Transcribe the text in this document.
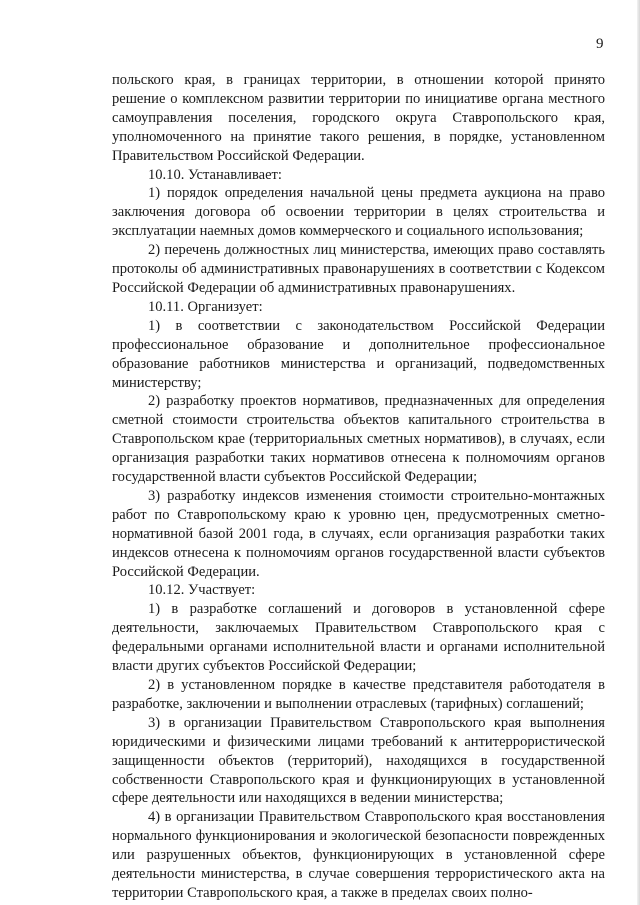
9

польского края, в границах территории, в отношении которой принято решение о комплексном развитии территории по инициативе органа местного самоуправления поселения, городского округа Ставропольского края, уполномоченного на принятие такого решения, в порядке, установленном Правительством Российской Федерации.

10.10. Устанавливает:

1) порядок определения начальной цены предмета аукциона на право заключения договора об освоении территории в целях строительства и эксплуатации наемных домов коммерческого и социального использования;

2) перечень должностных лиц министерства, имеющих право составлять протоколы об административных правонарушениях в соответствии с Кодексом Российской Федерации об административных правонарушениях.

10.11. Организует:

1) в соответствии с законодательством Российской Федерации профессиональное образование и дополнительное профессиональное образование работников министерства и организаций, подведомственных министерству;

2) разработку проектов нормативов, предназначенных для определения сметной стоимости строительства объектов капитального строительства в Ставропольском крае (территориальных сметных нормативов), в случаях, если организация разработки таких нормативов отнесена к полномочиям органов государственной власти субъектов Российской Федерации;

3) разработку индексов изменения стоимости строительно-монтажных работ по Ставропольскому краю к уровню цен, предусмотренных сметно-нормативной базой 2001 года, в случаях, если организация разработки таких индексов отнесена к полномочиям органов государственной власти субъектов Российской Федерации.

10.12. Участвует:

1) в разработке соглашений и договоров в установленной сфере деятельности, заключаемых Правительством Ставропольского края с федеральными органами исполнительной власти и органами исполнительной власти других субъектов Российской Федерации;

2) в установленном порядке в качестве представителя работодателя в разработке, заключении и выполнении отраслевых (тарифных) соглашений;

3) в организации Правительством Ставропольского края выполнения юридическими и физическими лицами требований к антитеррористической защищенности объектов (территорий), находящихся в государственной собственности Ставропольского края и функционирующих в установленной сфере деятельности или находящихся в ведении министерства;

4) в организации Правительством Ставропольского края восстановления нормального функционирования и экологической безопасности поврежденных или разрушенных объектов, функционирующих в установленной сфере деятельности министерства, в случае совершения террористического акта на территории Ставропольского края, а также в пределах своих полно-
